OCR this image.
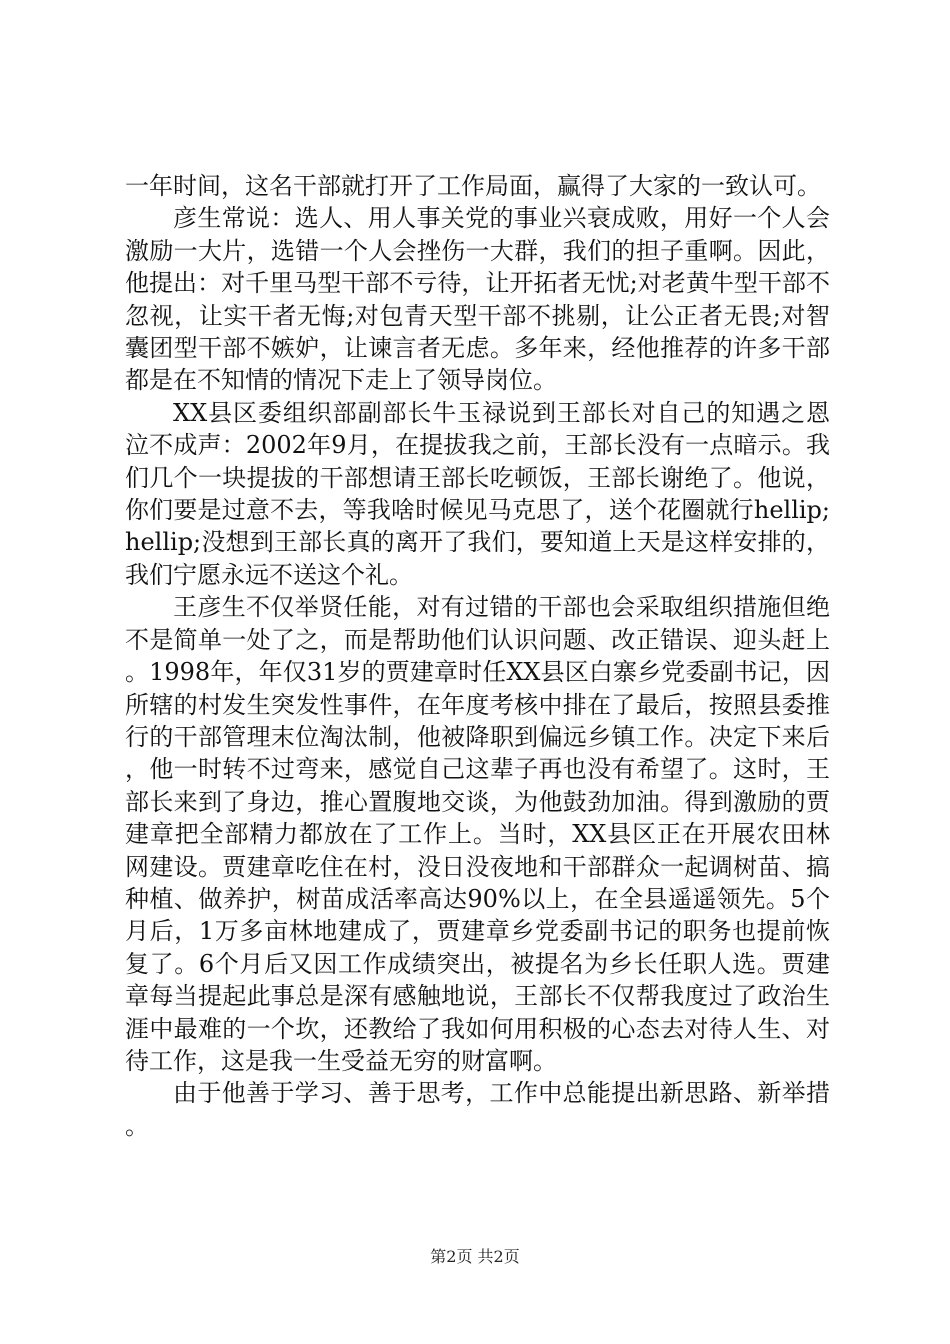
一年时间，这名干部就打开了工作局面，赢得了大家的一致认可。

彦生常说：选人、用人事关党的事业兴衰成败，用好一个人会激励一大片，选错一个人会挫伤一大群，我们的担子重啊。因此，他提出：对千里马型干部不亏待，让开拓者无忧;对老黄牛型干部不忽视，让实干者无悔;对包青天型干部不挑剔，让公正者无畏;对智囊团型干部不嫉妒，让谏言者无虑。多年来，经他推荐的许多干部都是在不知情的情况下走上了领导岗位。

XX县区委组织部副部长牛玉禄说到王部长对自己的知遇之恩泣不成声：2002年9月，在提拔我之前，王部长没有一点暗示。我们几个一块提拔的干部想请王部长吃顿饭，王部长谢绝了。他说，你们要是过意不去，等我啥时候见马克思了，送个花圈就行hellip;hellip;没想到王部长真的离开了我们，要知道上天是这样安排的，我们宁愿永远不送这个礼。

王彦生不仅举贤任能，对有过错的干部也会采取组织措施但绝不是简单一处了之，而是帮助他们认识问题、改正错误、迎头赶上。1998年，年仅31岁的贾建章时任XX县区白寨乡党委副书记，因所辖的村发生突发性事件，在年度考核中排在了最后，按照县委推行的干部管理末位淘汰制，他被降职到偏远乡镇工作。决定下来后，他一时转不过弯来，感觉自己这辈子再也没有希望了。这时，王部长来到了身边，推心置腹地交谈，为他鼓劲加油。得到激励的贾建章把全部精力都放在了工作上。当时，XX县区正在开展农田林网建设。贾建章吃住在村，没日没夜地和干部群众一起调树苗、搞种植、做养护，树苗成活率高达90%以上，在全县遥遥领先。5个月后，1万多亩林地建成了，贾建章乡党委副书记的职务也提前恢复了。6个月后又因工作成绩突出，被提名为乡长任职人选。贾建章每当提起此事总是深有感触地说，王部长不仅帮我度过了政治生涯中最难的一个坎，还教给了我如何用积极的心态去对待人生、对待工作，这是我一生受益无穷的财富啊。

由于他善于学习、善于思考，工作中总能提出新思路、新举措。

第2页 共2页
